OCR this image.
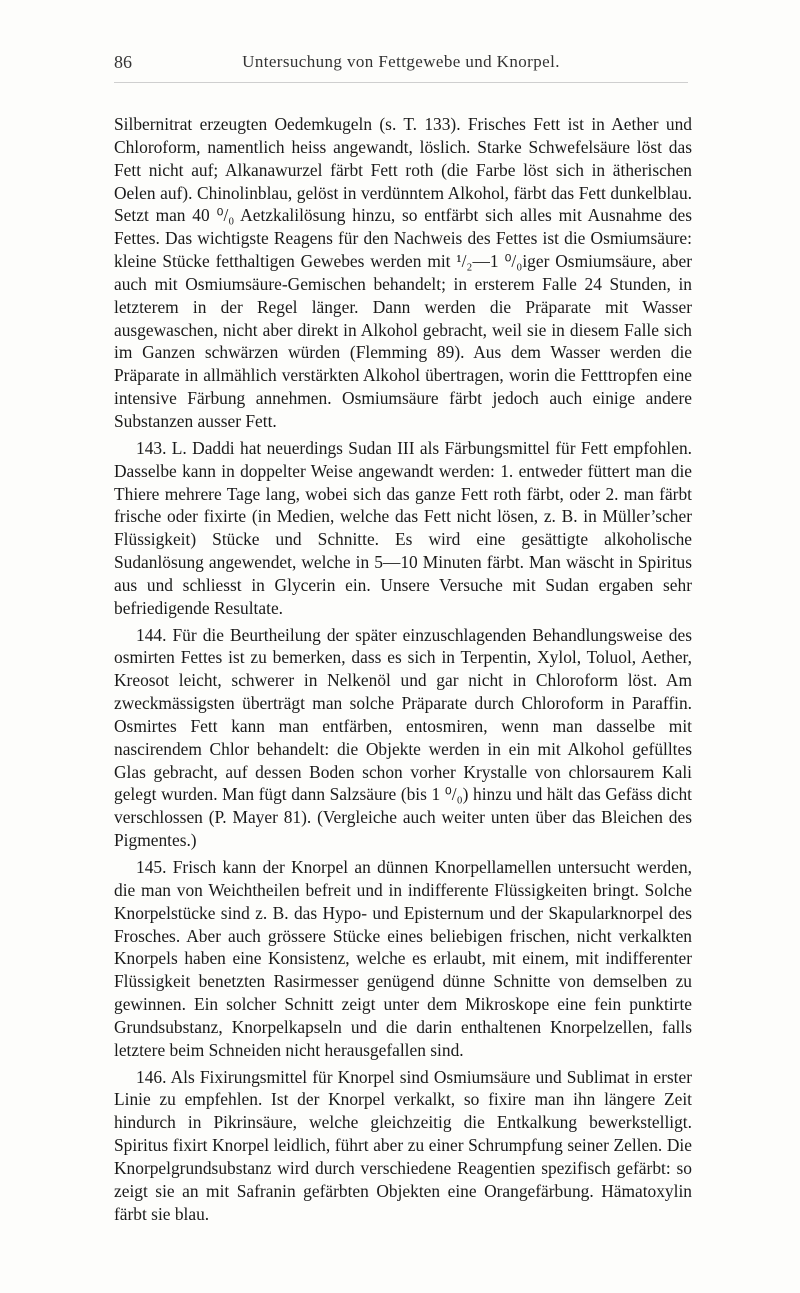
86	Untersuchung von Fettgewebe und Knorpel.

Silbernitrat erzeugten Oedemkugeln (s. T. 133). Frisches Fett ist in Aether und Chloroform, namentlich heiss angewandt, löslich. Starke Schwefelsäure löst das Fett nicht auf; Alkanawurzel färbt Fett roth (die Farbe löst sich in ätherischen Oelen auf). Chinolinblau, gelöst in verdünntem Alkohol, färbt das Fett dunkelblau. Setzt man 40 ⁰/₀ Aetzkalilösung hinzu, so entfärbt sich alles mit Ausnahme des Fettes. Das wichtigste Reagens für den Nachweis des Fettes ist die Osmiumsäure: kleine Stücke fetthaltigen Gewebes werden mit ¹/₂—1 ⁰/₀iger Osmiumsäure, aber auch mit Osmiumsäure-Gemischen behandelt; in ersterem Falle 24 Stunden, in letzterem in der Regel länger. Dann werden die Präparate mit Wasser ausgewaschen, nicht aber direkt in Alkohol gebracht, weil sie in diesem Falle sich im Ganzen schwärzen würden (Flemming 89). Aus dem Wasser werden die Präparate in allmählich verstärkten Alkohol übertragen, worin die Fetttropfen eine intensive Färbung annehmen. Osmiumsäure färbt jedoch auch einige andere Substanzen ausser Fett.

143. L. Daddi hat neuerdings Sudan III als Färbungsmittel für Fett empfohlen. Dasselbe kann in doppelter Weise angewandt werden: 1. entweder füttert man die Thiere mehrere Tage lang, wobei sich das ganze Fett roth färbt, oder 2. man färbt frische oder fixirte (in Medien, welche das Fett nicht lösen, z. B. in Müller’scher Flüssigkeit) Stücke und Schnitte. Es wird eine gesättigte alkoholische Sudanlösung angewendet, welche in 5—10 Minuten färbt. Man wäscht in Spiritus aus und schliesst in Glycerin ein. Unsere Versuche mit Sudan ergaben sehr befriedigende Resultate.

144. Für die Beurtheilung der später einzuschlagenden Behandlungsweise des osmirten Fettes ist zu bemerken, dass es sich in Terpentin, Xylol, Toluol, Aether, Kreosot leicht, schwerer in Nelkenöl und gar nicht in Chloroform löst. Am zweckmässigsten überträgt man solche Präparate durch Chloroform in Paraffin. Osmirtes Fett kann man entfärben, entosmiren, wenn man dasselbe mit nascirendem Chlor behandelt: die Objekte werden in ein mit Alkohol gefülltes Glas gebracht, auf dessen Boden schon vorher Krystalle von chlorsaurem Kali gelegt wurden. Man fügt dann Salzsäure (bis 1 ⁰/₀) hinzu und hält das Gefäss dicht verschlossen (P. Mayer 81). (Vergleiche auch weiter unten über das Bleichen des Pigmentes.)

145. Frisch kann der Knorpel an dünnen Knorpellamellen untersucht werden, die man von Weichtheilen befreit und in indifferente Flüssigkeiten bringt. Solche Knorpelstücke sind z. B. das Hypo- und Episternum und der Skapularknorpel des Frosches. Aber auch grössere Stücke eines beliebigen frischen, nicht verkalkten Knorpels haben eine Konsistenz, welche es erlaubt, mit einem, mit indifferenter Flüssigkeit benetzten Rasirmesser genügend dünne Schnitte von demselben zu gewinnen. Ein solcher Schnitt zeigt unter dem Mikroskope eine fein punktirte Grundsubstanz, Knorpelkapseln und die darin enthaltenen Knorpelzellen, falls letztere beim Schneiden nicht herausgefallen sind.

146. Als Fixirungsmittel für Knorpel sind Osmiumsäure und Sublimat in erster Linie zu empfehlen. Ist der Knorpel verkalkt, so fixire man ihn längere Zeit hindurch in Pikrinsäure, welche gleichzeitig die Entkalkung bewerkstelligt. Spiritus fixirt Knorpel leidlich, führt aber zu einer Schrumpfung seiner Zellen. Die Knorpelgrundsubstanz wird durch verschiedene Reagentien spezifisch gefärbt: so zeigt sie an mit Safranin gefärbten Objekten eine Orangefärbung. Hämatoxylin färbt sie blau.
